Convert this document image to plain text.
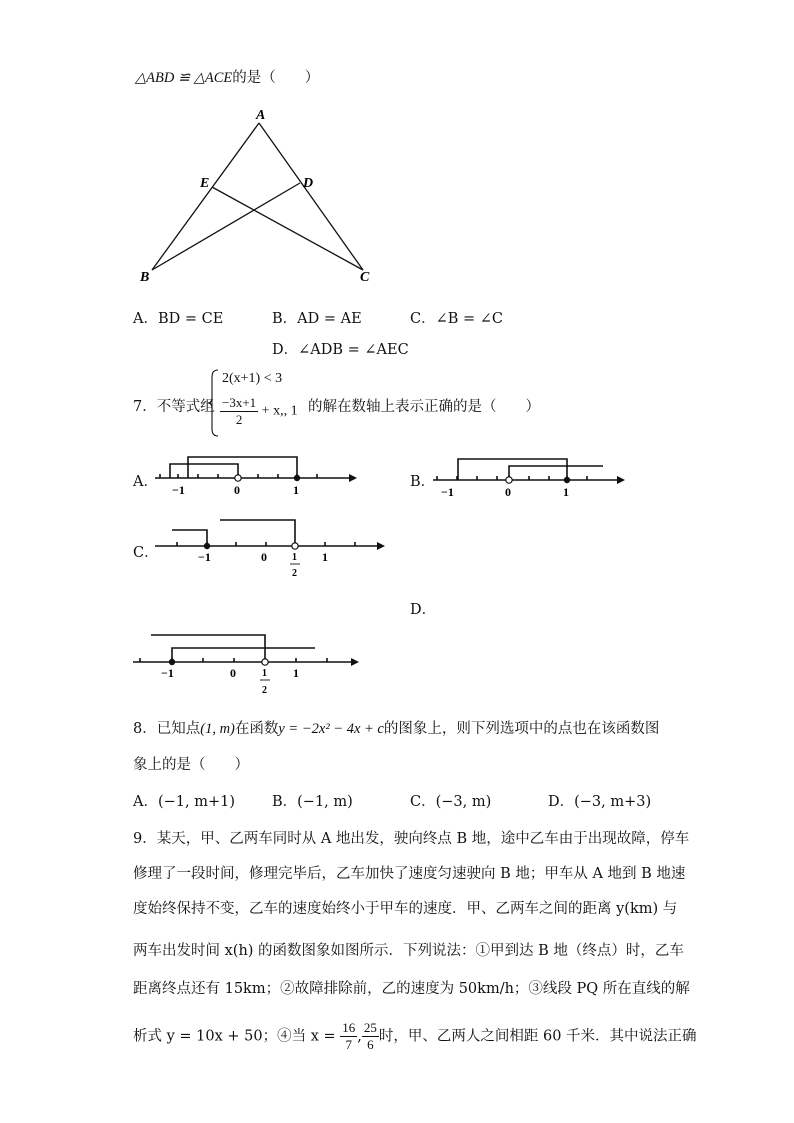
△ABD ≌ △ACE的是（　　）
A
E	D
B	C
A．BD = CE	B．AD = AE	C．∠B = ∠C
D．∠ADB = ∠AEC
7．不等式组
2(x+1) < 3
$\frac{-3x+1}{2} + x$,, 1 的解在数轴上表示正确的是（　　）
A． −1	0	1	B．
−1	0	1
C．	−1	0	1
1
2
D．
−1	0	1
1
2
8．已知点(1, m)在函数y = −2x² − 4x + c的图象上，则下列选项中的点也在该函数图
象上的是（　　）
A．(−1, m+1)	B．(−1, m)	C．(−3, m)	D．(−3, m+3)
9．某天，甲、乙两车同时从 A 地出发，驶向终点 B 地，途中乙车由于出现故障，停车
修理了一段时间，修理完毕后，乙车加快了速度匀速驶向 B 地；甲车从 A 地到 B 地速
度始终保持不变，乙车的速度始终小于甲车的速度．甲、乙两车之间的距离 y(km) 与
两车出发时间 x(h) 的函数图象如图所示．下列说法：①甲到达 B 地（终点）时，乙车
距离终点还有 15km；②故障排除前，乙的速度为 50km/h；③线段 PQ 所在直线的解
析式 y = 10x + 50；④当 $x = \frac{16}{7}$ , $\frac{25}{6}$ 时，甲、乙两人之间相距 60 千米．其中说法正确
